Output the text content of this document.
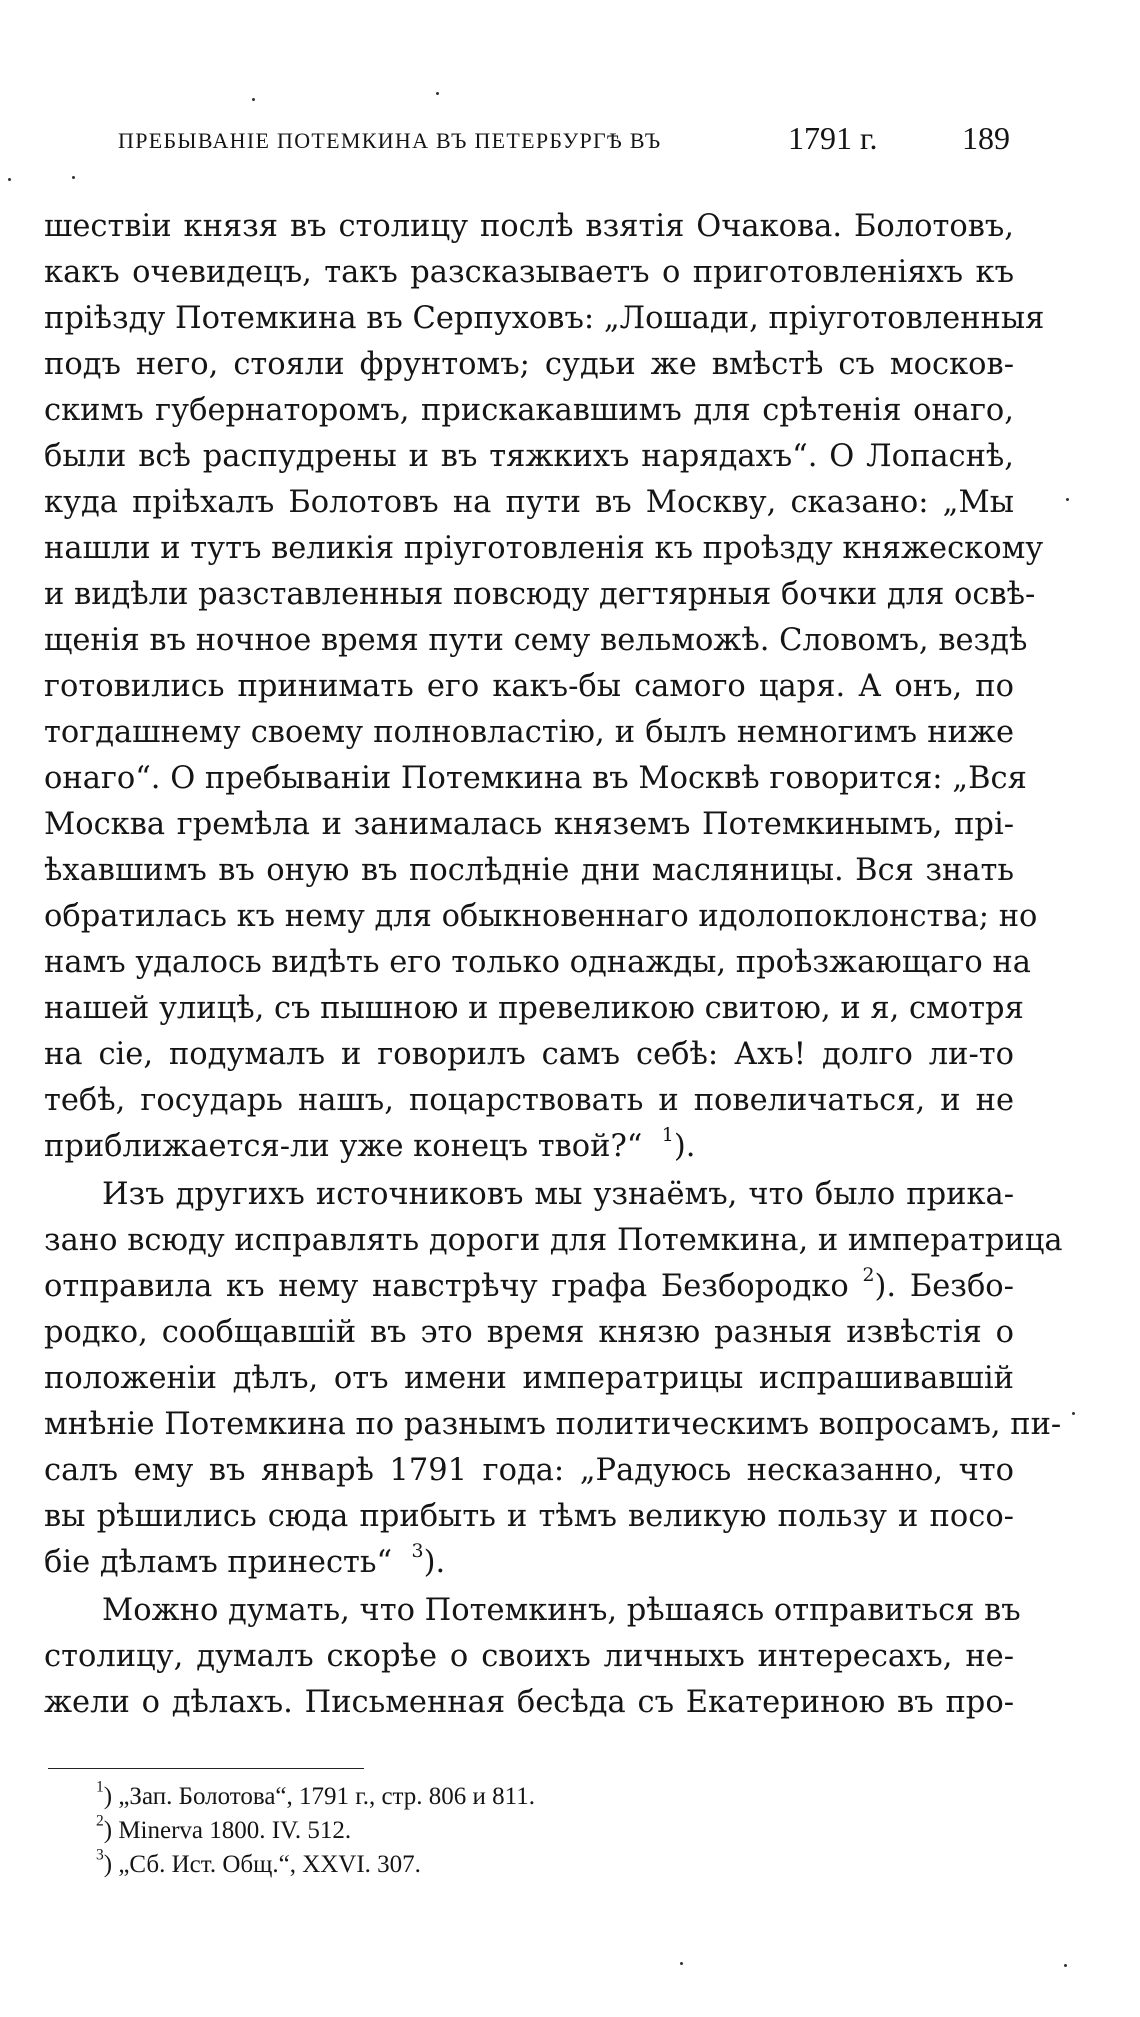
ПРЕБЫВАНІЕ ПОТЕМКИНА ВЪ ПЕТЕРБУРГѢ ВЪ	1791 г.	189
шествіи князя въ столицу послѣ взятія Очакова. Болотовъ,
какъ очевидецъ, такъ разсказываетъ о приготовленіяхъ къ
пріѣзду Потемкина въ Серпуховъ: „Лошади, пріуготовленныя
подъ него, стояли фрунтомъ; судьи же вмѣстѣ съ москов-
скимъ губернаторомъ, прискакавшимъ для срѣтенія онаго,
были всѣ распудрены и въ тяжкихъ нарядахъ“. О Лопаснѣ,
куда пріѣхалъ Болотовъ на пути въ Москву, сказано: „Мы
нашли и тутъ великія пріуготовленія къ проѣзду княжескому
и видѣли разставленныя повсюду дегтярныя бочки для освѣ-
щенія въ ночное время пути сему вельможѣ. Словомъ, вездѣ
готовились принимать его какъ-бы самого царя. А онъ, по
тогдашнему своему полновластію, и былъ немногимъ ниже
онаго“. О пребываніи Потемкина въ Москвѣ говорится: „Вся
Москва гремѣла и занималась княземъ Потемкинымъ, прі-
ѣхавшимъ въ оную въ послѣдніе дни масляницы. Вся знать
обратилась къ нему для обыкновеннаго идолопоклонства; но
намъ удалось видѣть его только однажды, проѣзжающаго на
нашей улицѣ, съ пышною и превеликою свитою, и я, смотря
на сіе, подумалъ и говорилъ самъ себѣ: Ахъ! долго ли-то
тебѣ, государь нашъ, поцарствовать и повеличаться, и не
приближается-ли уже конецъ твой?“ $^1$).
Изъ другихъ источниковъ мы узнаёмъ, что было прика-
зано всюду исправлять дороги для Потемкина, и императрица
отправила къ нему навстрѣчу графа Безбородко $^2$). Безбо-
родко, сообщавшій въ это время князю разныя извѣстія о
положеніи дѣлъ, отъ имени императрицы испрашивавшій
мнѣніе Потемкина по разнымъ политическимъ вопросамъ, пи-
салъ ему въ январѣ 1791 года: „Радуюсь несказанно, что
вы рѣшились сюда прибыть и тѣмъ великую пользу и посо-
біе дѣламъ принесть“ $^3$).
Можно думать, что Потемкинъ, рѣшаясь отправиться въ
столицу, думалъ скорѣе о своихъ личныхъ интересахъ, не-
жели о дѣлахъ. Письменная бесѣда съ Екатериною въ про-
$^1$) „Зап. Болотова“, 1791 г., стр. 806 и 811.
$^2$) Minerva 1800. IV. 512.
$^3$) „Сб. Ист. Общ.“, XXVI. 307.
